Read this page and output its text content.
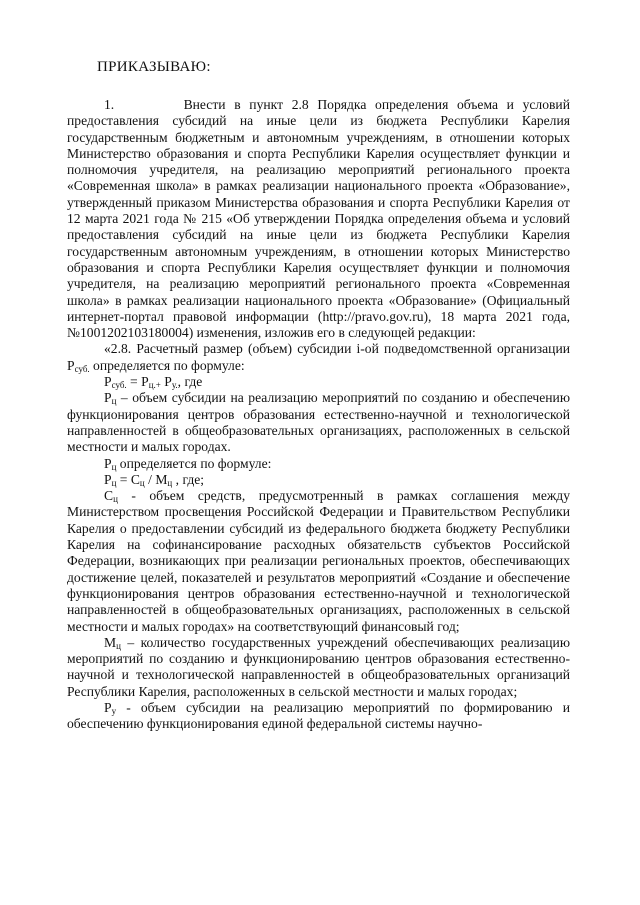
ПРИКАЗЫВАЮ:

1.        Внести в пункт 2.8 Порядка определения объема и условий предоставления субсидий на иные цели из бюджета Республики Карелия государственным бюджетным и автономным учреждениям, в отношении которых Министерство образования и спорта Республики Карелия осуществляет функции и полномочия учредителя, на реализацию мероприятий регионального проекта «Современная школа» в рамках реализации национального проекта «Образование», утвержденный приказом Министерства образования и спорта Республики Карелия от 12 марта 2021 года № 215 «Об утверждении Порядка определения объема и условий предоставления субсидий на иные цели из бюджета Республики Карелия государственным автономным учреждениям, в отношении которых Министерство образования и спорта Республики Карелия осуществляет функции и полномочия учредителя, на реализацию мероприятий регионального проекта «Современная школа» в рамках реализации национального проекта «Образование» (Официальный интернет-портал правовой информации (http://pravo.gov.ru), 18 марта 2021 года, №1001202103180004) изменения, изложив его в следующей редакции:

«2.8. Расчетный размер (объем) субсидии i-ой подведомственной организации $Р_{суб.}$ определяется по формуле:

$Р_{суб.} = Р_{ц.+}$ $Р_{у.}$, где

$Р_ц$ – объем субсидии на реализацию мероприятий по созданию и обеспечению функционирования центров образования естественно-научной и технологической направленностей в общеобразовательных организациях, расположенных в сельской местности и малых городах.

$Р_ц$ определяется по формуле:

$Р_ц = С_ц / М_ц$ , где;

$С_ц$ - объем средств, предусмотренный в рамках соглашения между Министерством просвещения Российской Федерации и Правительством Республики Карелия о предоставлении субсидий из федерального бюджета бюджету Республики Карелия на софинансирование расходных обязательств субъектов Российской Федерации, возникающих при реализации региональных проектов, обеспечивающих достижение целей, показателей и результатов мероприятий «Создание и обеспечение функционирования центров образования естественно-научной и технологической направленностей в общеобразовательных организациях, расположенных в сельской местности и малых городах» на соответствующий финансовый год;

$М_ц$ – количество государственных учреждений обеспечивающих реализацию мероприятий по созданию и функционированию центров образования естественно-научной и технологической направленностей в общеобразовательных организаций Республики Карелия, расположенных в сельской местности и малых городах;

$Р_у$ - объем субсидии на реализацию мероприятий по формированию и обеспечению функционирования единой федеральной системы научно-
